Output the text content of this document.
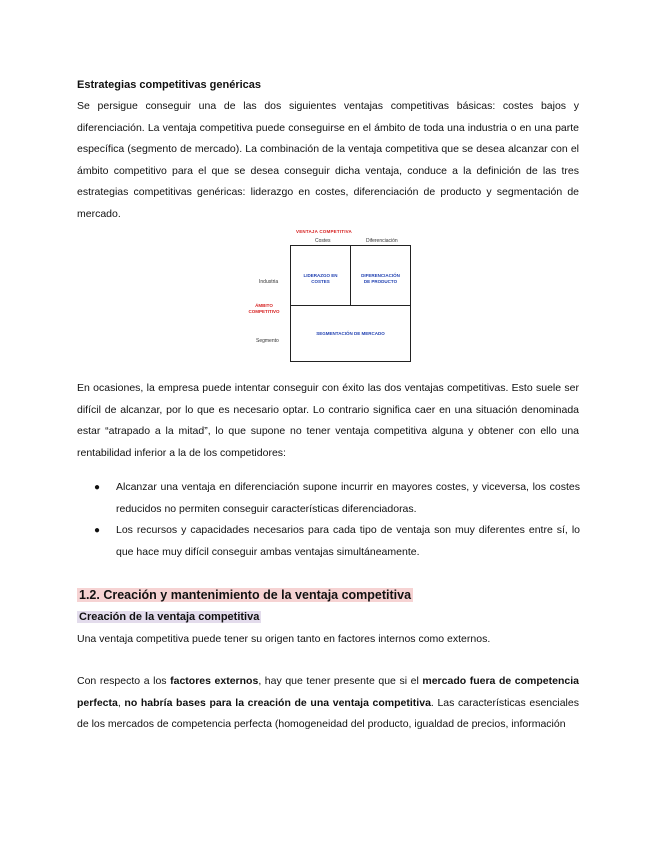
Estrategias competitivas genéricas

Se persigue conseguir una de las dos siguientes ventajas competitivas básicas: costes bajos y diferenciación. La ventaja competitiva puede conseguirse en el ámbito de toda una industria o en una parte específica (segmento de mercado). La combinación de la ventaja competitiva que se desea alcanzar con el ámbito competitivo para el que se desea conseguir dicha ventaja, conduce a la definición de las tres estrategias competitivas genéricas: liderazgo en costes, diferenciación de producto y segmentación de mercado.

VENTAJA COMPETITIVA
Costes	Diferenciación
LIDERAZGO EN
COSTES
DIFERENCIACIÓN
DE PRODUCTO
SEGMENTACIÓN DE MERCADO
Industria
ÁMBITO
COMPETITIVO
Segmento

En ocasiones, la empresa puede intentar conseguir con éxito las dos ventajas competitivas. Esto suele ser difícil de alcanzar, por lo que es necesario optar. Lo contrario significa caer en una situación denominada estar “atrapado a la mitad”, lo que supone no tener ventaja competitiva alguna y obtener con ello una rentabilidad inferior a la de los competidores:

● Alcanzar una ventaja en diferenciación supone incurrir en mayores costes, y viceversa, los costes reducidos no permiten conseguir características diferenciadoras.
● Los recursos y capacidades necesarios para cada tipo de ventaja son muy diferentes entre sí, lo que hace muy difícil conseguir ambas ventajas simultáneamente.
1.2. Creación y mantenimiento de la ventaja competitiva
Creación de la ventaja competitiva
Una ventaja competitiva puede tener su origen tanto en factores internos como externos.

Con respecto a los factores externos, hay que tener presente que si el mercado fuera de competencia perfecta, no habría bases para la creación de una ventaja competitiva. Las características esenciales de los mercados de competencia perfecta (homogeneidad del producto, igualdad de precios, información
